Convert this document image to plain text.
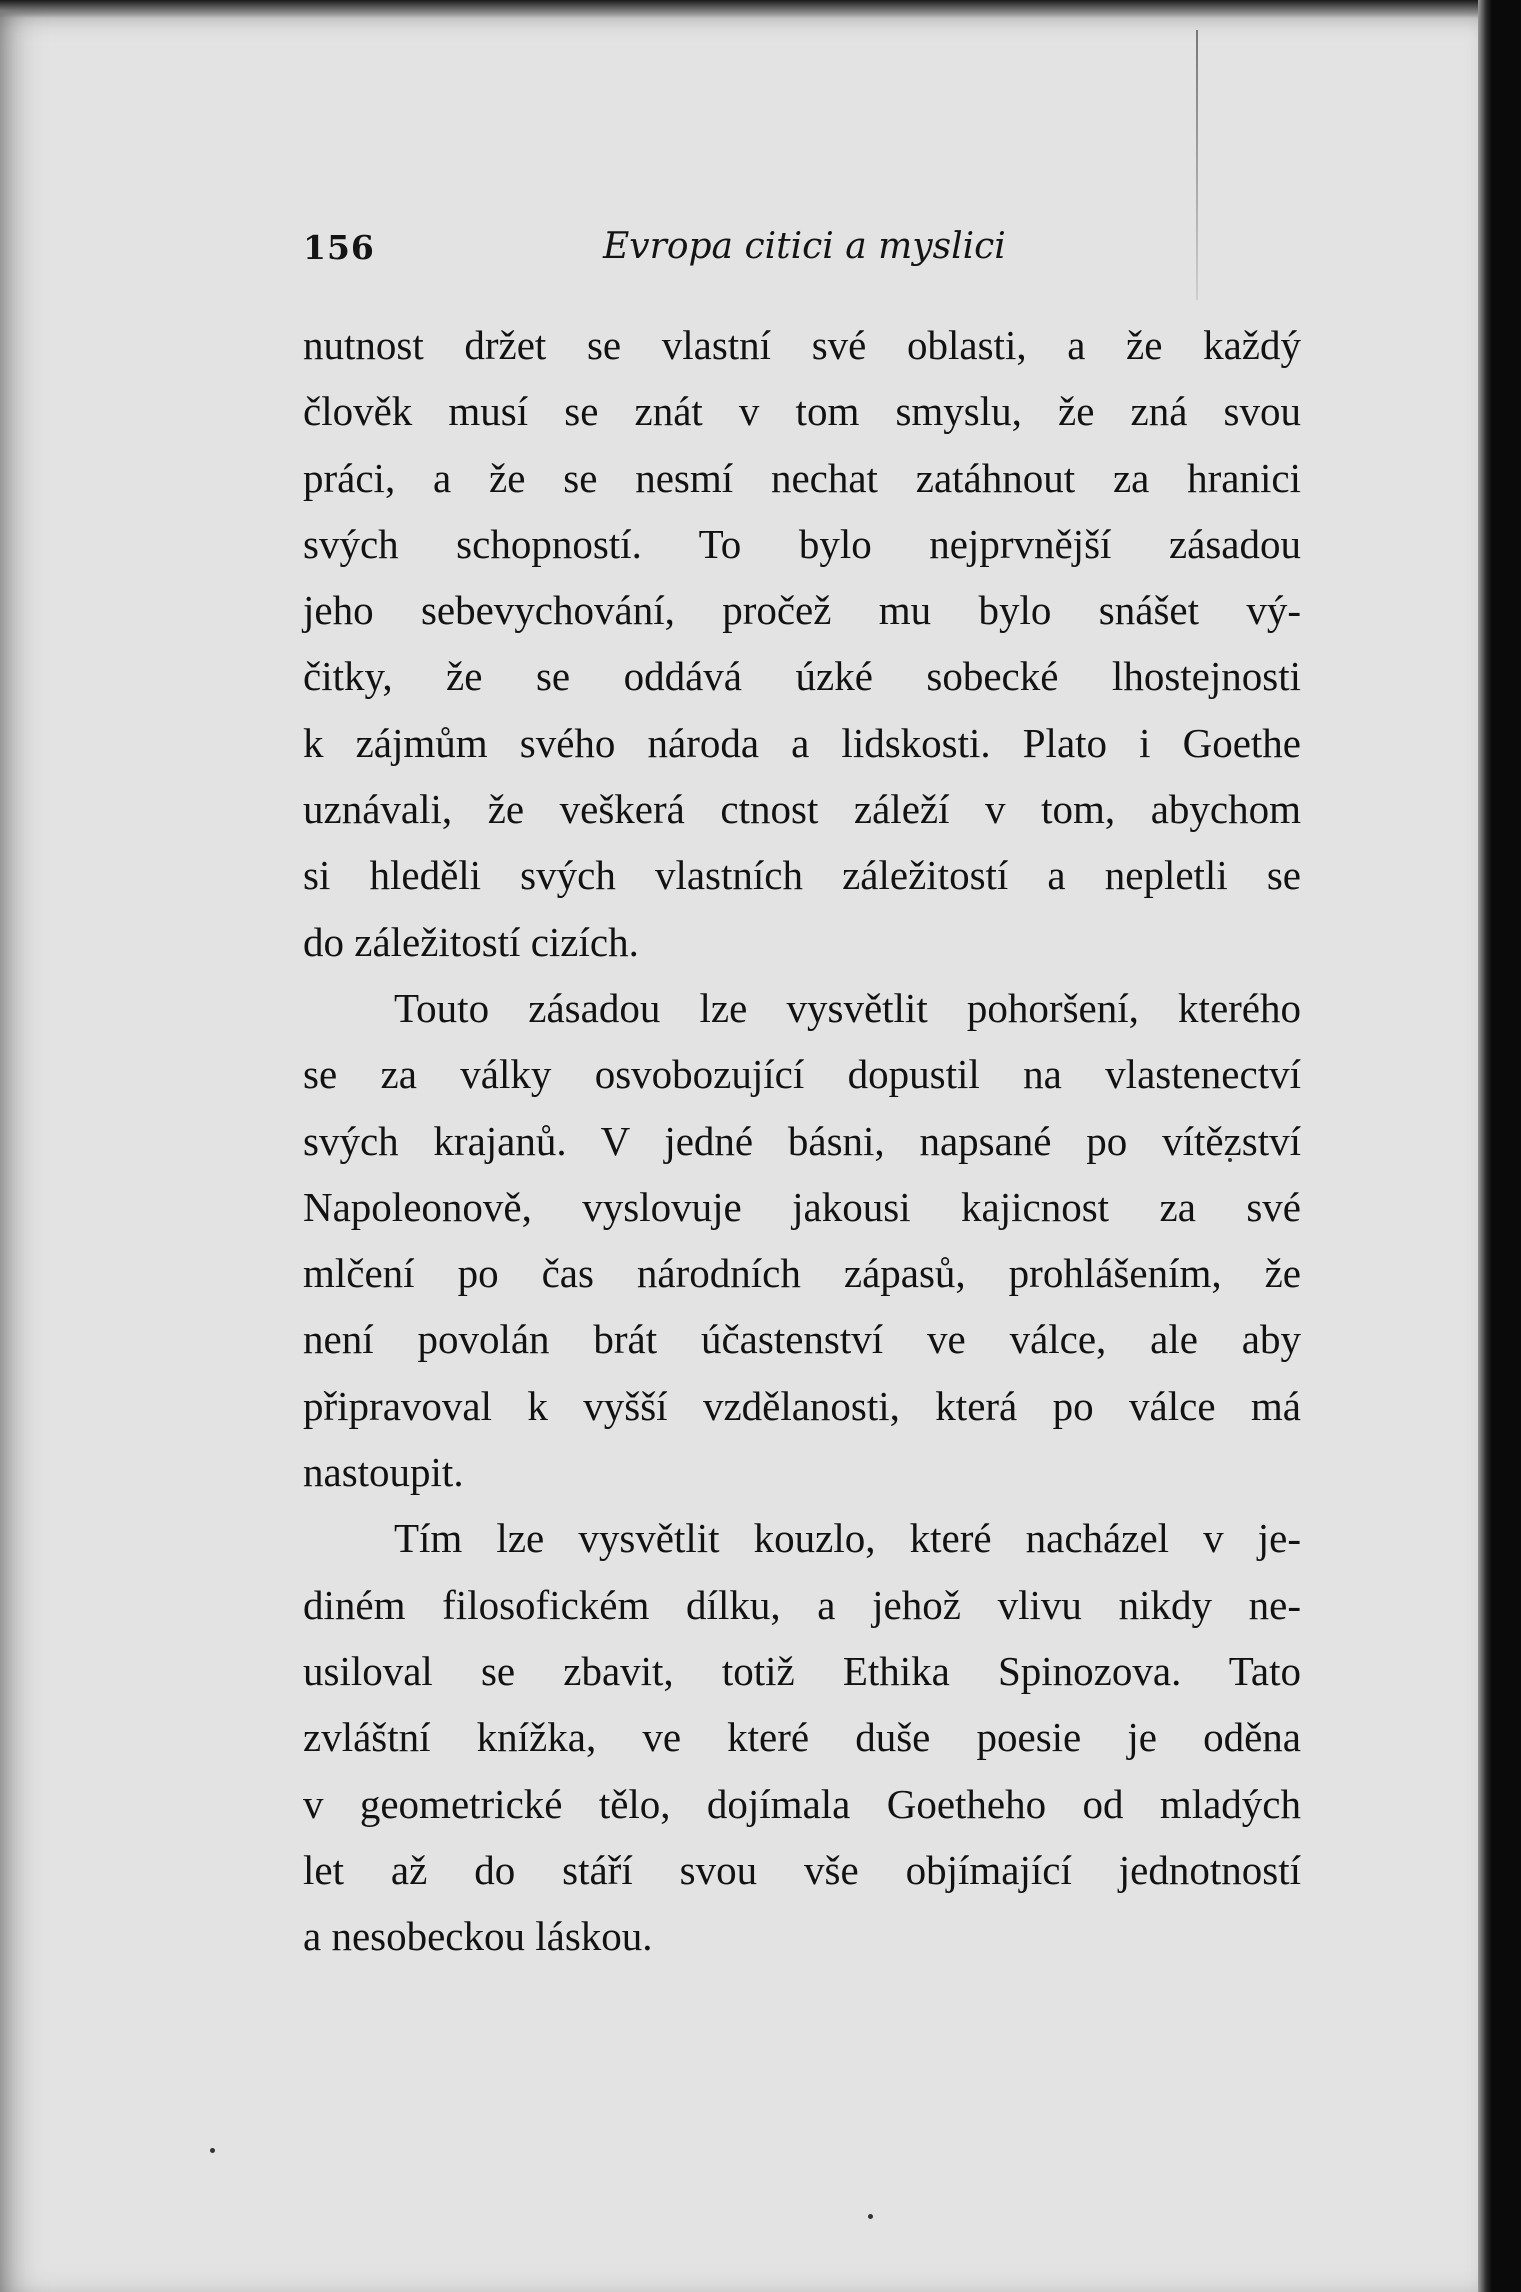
156	Evropa citici a myslici
nutnost držet se vlastní své oblasti, a že každý
člověk musí se znát v tom smyslu, že zná svou
práci, a že se nesmí nechat zatáhnout za hranici
svých schopností. To bylo nejprvnější zásadou
jeho sebevychování, pročež mu bylo snášet vý-
čitky, že se oddává úzké sobecké lhostejnosti
k zájmům svého národa a lidskosti. Plato i Goethe
uznávali, že veškerá ctnost záleží v tom, abychom
si hleděli svých vlastních záležitostí a nepletli se
do záležitostí cizích.
Touto zásadou lze vysvětlit pohoršení, kterého
se za války osvobozující dopustil na vlastenectví
svých krajanů. V jedné básni, napsané po vítězství
Napoleonově, vyslovuje jakousi kajicnost za své
mlčení po čas národních zápasů, prohlášením, že
není povolán brát účastenství ve válce, ale aby
připravoval k vyšší vzdělanosti, která po válce má
nastoupit.
Tím lze vysvětlit kouzlo, které nacházel v je-
diném filosofickém dílku, a jehož vlivu nikdy ne-
usiloval se zbavit, totiž Ethika Spinozova. Tato
zvláštní knížka, ve které duše poesie je oděna
v geometrické tělo, dojímala Goetheho od mladých
let až do stáří svou vše objímající jednotností
a nesobeckou láskou.
